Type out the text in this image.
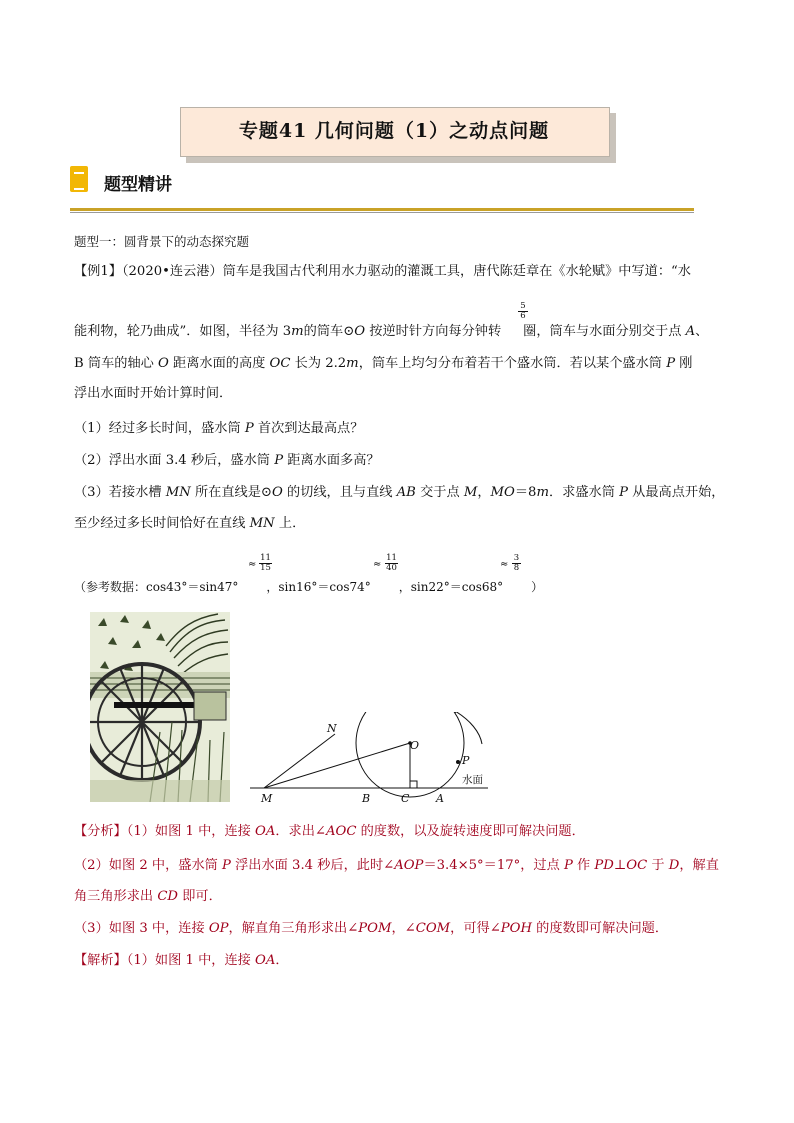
专题41 几何问题（1）之动点问题
题型精讲
题型一：圆背景下的动态探究题
【例1】（2020•连云港）筒车是我国古代利用水力驱动的灌溉工具，唐代陈廷章在《水轮赋》中写道：“水
能利物，轮乃曲成”．如图，半径为 3m的筒车⊙O 按逆时针方向每分钟转 圈，筒车与水面分别交于点 A、
$\frac{5}{6}$
B 筒车的轴心 O 距离水面的高度 OC 长为 2.2m，筒车上均匀分布着若干个盛水筒．若以某个盛水筒 P 刚
浮出水面时开始计算时间．
（1）经过多长时间，盛水筒 P 首次到达最高点？
（2）浮出水面 3.4 秒后，盛水筒 P 距离水面多高？
（3）若接水槽 MN 所在直线是⊙O 的切线，且与直线 AB 交于点 M，MO＝8m．求盛水筒 P 从最高点开始，
至少经过多长时间恰好在直线 MN 上．
（参考数据：cos43°＝sin47° ，sin16°＝cos74° ，sin22°＝cos68° ）
≈ $\frac{11}{15}$	≈ $\frac{11}{40}$	≈ $\frac{3}{8}$
N
O
P
水面
M	B	C A
【分析】（1）如图 1 中，连接 OA．求出∠AOC 的度数，以及旋转速度即可解决问题．
（2）如图 2 中，盛水筒 P 浮出水面 3.4 秒后，此时∠AOP＝3.4×5°＝17°，过点 P 作 PD⊥OC 于 D，解直
角三角形求出 CD 即可．
（3）如图 3 中，连接 OP，解直角三角形求出∠POM，∠COM，可得∠POH 的度数即可解决问题．
【解析】（1）如图 1 中，连接 OA．
